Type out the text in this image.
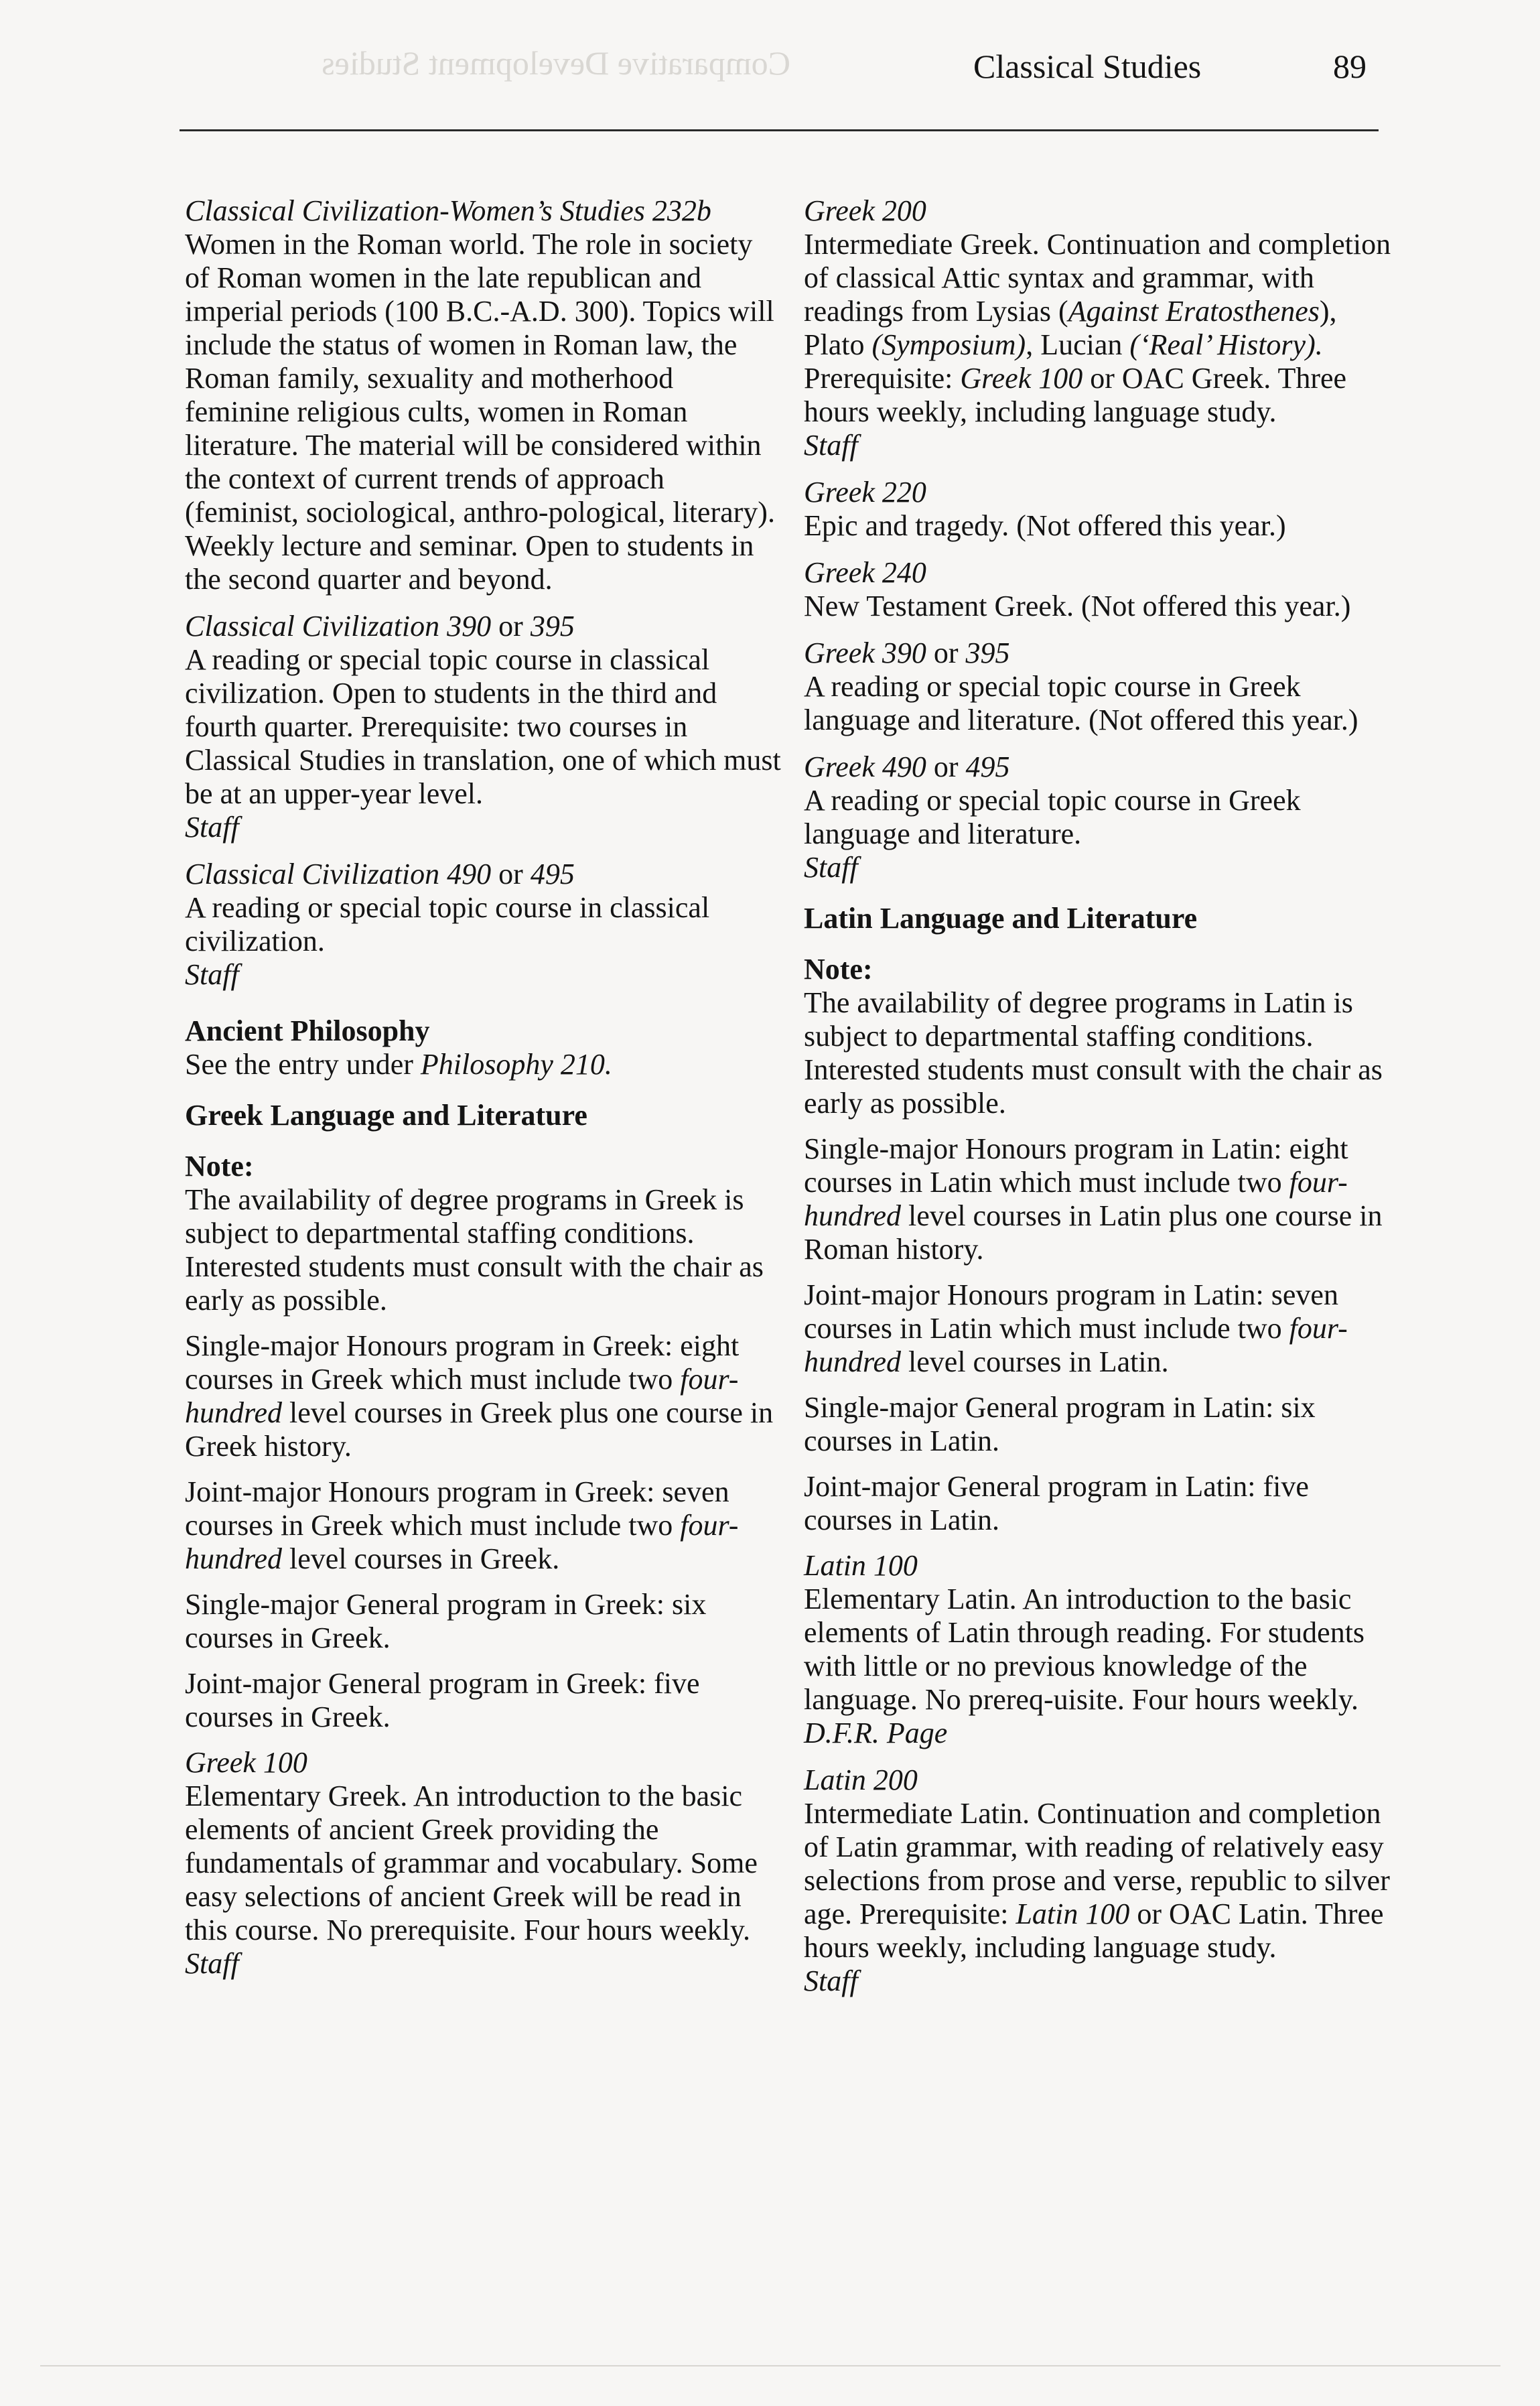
Comparative Development Studies	Classical Studies	89
Classical Civilization-Women’s Studies 232b
Women in the Roman world. The role in society of Roman women in the late republican and imperial periods (100 B.C.-A.D. 300). Topics will include the status of women in Roman law, the Roman family, sexuality and motherhood feminine religious cults, women in Roman literature. The material will be considered within the context of current trends of approach (feminist, sociological, anthro-pological, literary). Weekly lecture and seminar. Open to students in the second quarter and beyond.
Classical Civilization 390 or 395
A reading or special topic course in classical civilization. Open to students in the third and fourth quarter. Prerequisite: two courses in Classical Studies in translation, one of which must be at an upper-year level.
Staff
Classical Civilization 490 or 495
A reading or special topic course in classical civilization.
Staff
Ancient Philosophy
See the entry under Philosophy 210.
Greek Language and Literature
Note:
The availability of degree programs in Greek is subject to departmental staffing conditions. Interested students must consult with the chair as early as possible.
Single-major Honours program in Greek: eight courses in Greek which must include two four-hundred level courses in Greek plus one course in Greek history.
Joint-major Honours program in Greek: seven courses in Greek which must include two four-hundred level courses in Greek.
Single-major General program in Greek: six courses in Greek.
Joint-major General program in Greek: five courses in Greek.
Greek 100
Elementary Greek. An introduction to the basic elements of ancient Greek providing the fundamentals of grammar and vocabulary. Some easy selections of ancient Greek will be read in this course. No prerequisite. Four hours weekly.
Staff
Greek 200
Intermediate Greek. Continuation and completion of classical Attic syntax and grammar, with readings from Lysias (Against Eratosthenes), Plato (Symposium), Lucian (‘Real’ History). Prerequisite: Greek 100 or OAC Greek. Three hours weekly, including language study.
Staff
Greek 220
Epic and tragedy. (Not offered this year.)
Greek 240
New Testament Greek. (Not offered this year.)
Greek 390 or 395
A reading or special topic course in Greek language and literature. (Not offered this year.)
Greek 490 or 495
A reading or special topic course in Greek language and literature.
Staff
Latin Language and Literature
Note:
The availability of degree programs in Latin is subject to departmental staffing conditions. Interested students must consult with the chair as early as possible.
Single-major Honours program in Latin: eight courses in Latin which must include two four-hundred level courses in Latin plus one course in Roman history.
Joint-major Honours program in Latin: seven courses in Latin which must include two four-hundred level courses in Latin.
Single-major General program in Latin: six courses in Latin.
Joint-major General program in Latin: five courses in Latin.
Latin 100
Elementary Latin. An introduction to the basic elements of Latin through reading. For students with little or no previous knowledge of the language. No prereq-uisite. Four hours weekly.
D.F.R. Page
Latin 200
Intermediate Latin. Continuation and completion of Latin grammar, with reading of relatively easy selections from prose and verse, republic to silver age. Prerequisite: Latin 100 or OAC Latin. Three hours weekly, including language study.
Staff
